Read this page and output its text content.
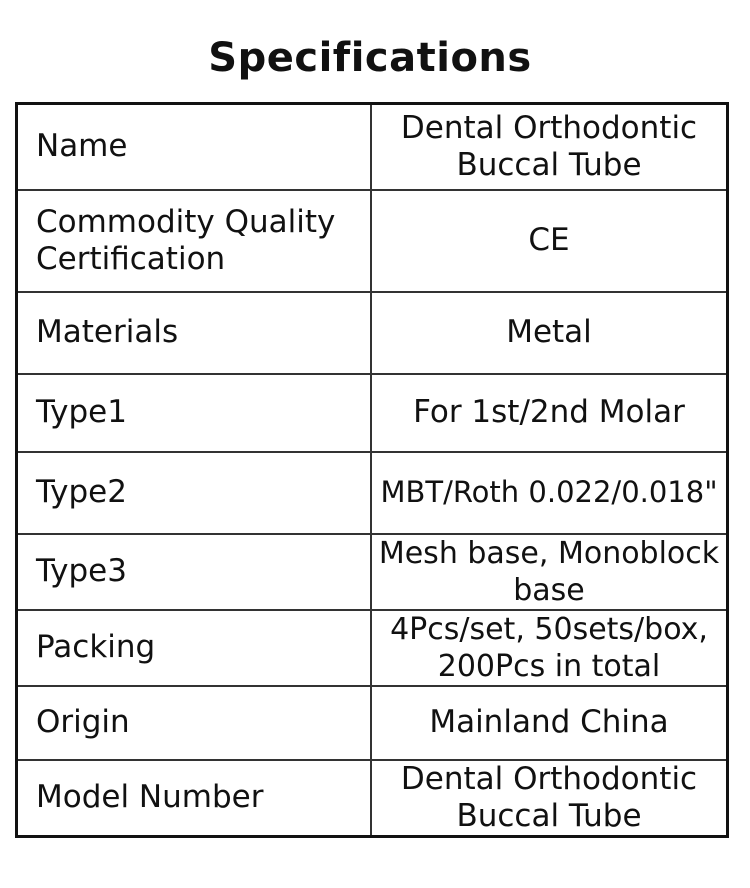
Specifications
Name	Dental Orthodontic
Buccal Tube
Commodity Quality
Certification	CE
Materials	Metal
Type1	For 1st/2nd Molar
Type2	MBT/Roth 0.022/0.018"
Type3	Mesh base, Monoblock
base
Packing	4Pcs/set, 50sets/box,
200Pcs in total
Origin	Mainland China
Model Number	Dental Orthodontic
Buccal Tube
